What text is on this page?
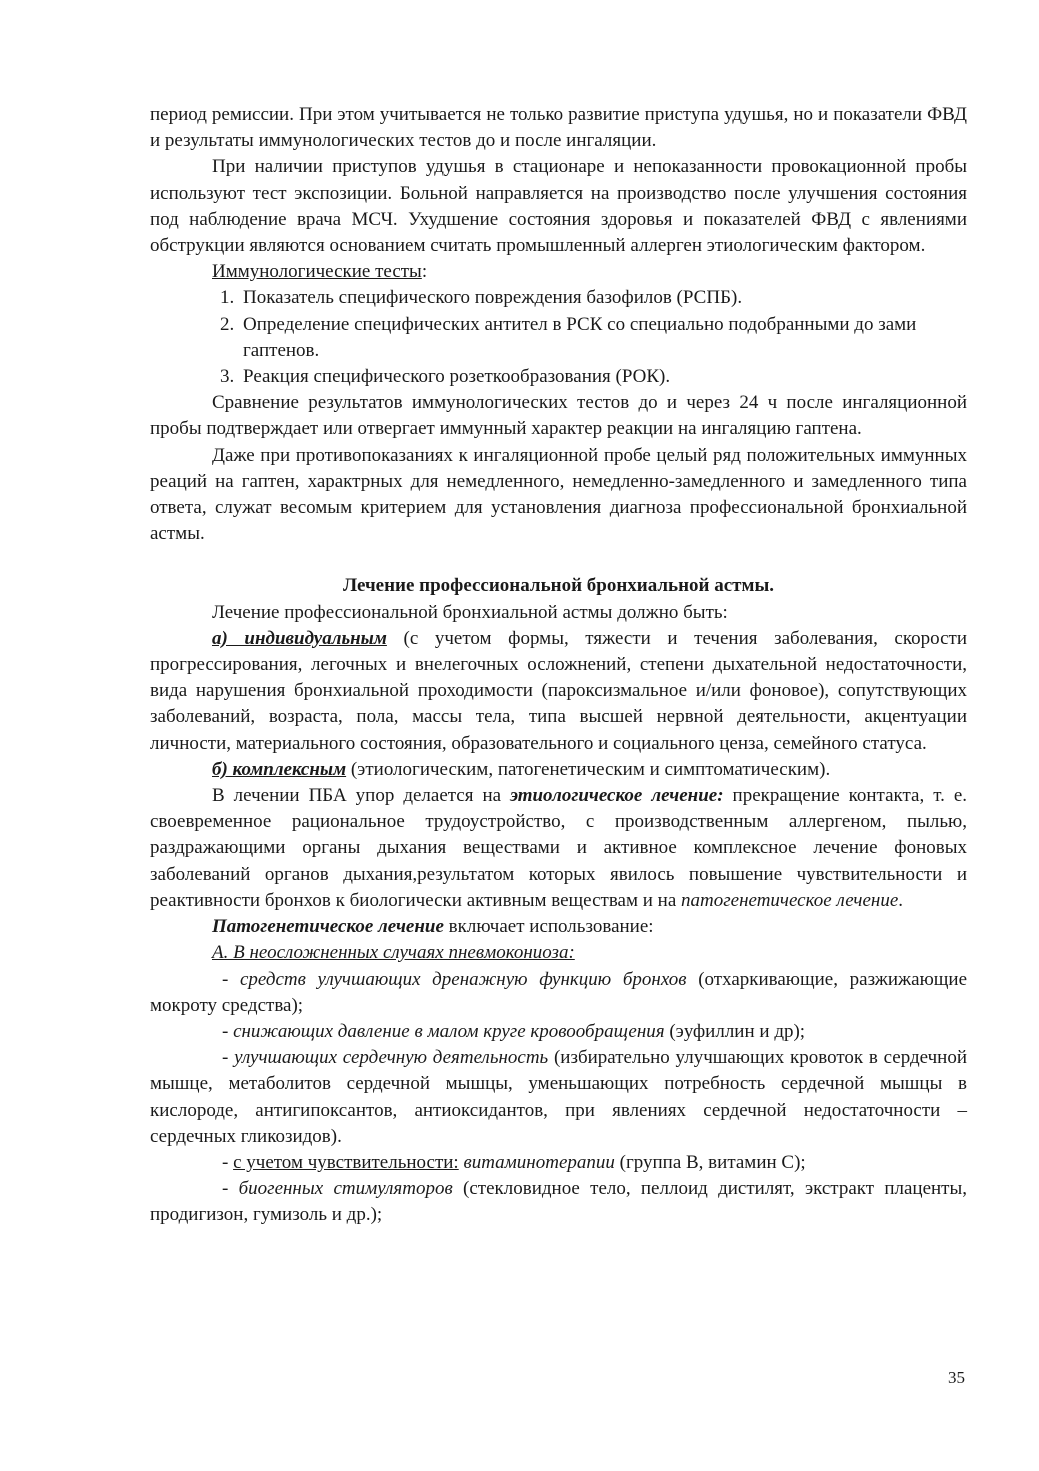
период ремиссии. При этом учитывается не только развитие приступа удушья, но и показатели ФВД и результаты иммунологических тестов до и после ингаляции.

При наличии приступов удушья в стационаре и непоказанности провокационной пробы используют тест экспозиции. Больной направляется на производство после улучшения состояния под наблюдение врача МСЧ. Ухудшение состояния здоровья и показателей ФВД с явлениями обструкции являются основанием считать промышленный аллерген этиологическим фактором.

Иммунологические тесты:

1. Показатель специфического повреждения базофилов (РСПБ).
2. Определение специфических антител в РСК со специально подобранными до зами гаптенов.
3. Реакция специфического розеткообразования (РОК).

Сравнение результатов иммунологических тестов до и через 24 ч после ингаляционной пробы подтверждает или отвергает иммунный характер реакции на ингаляцию гаптена.

Даже при противопоказаниях к ингаляционной пробе целый ряд положительных иммунных реаций на гаптен, характрных для немедленного, немедленно-замедленного и замедленного типа ответа, служат весомым критерием для установления диагноза профессиональной бронхиальной астмы.

Лечение профессиональной бронхиальной астмы.

Лечение профессиональной бронхиальной астмы должно быть:

а) индивидуальным (с учетом формы, тяжести и течения заболевания, скорости прогрессирования, легочных и внелегочных осложнений, степени дыхательной недостаточности, вида нарушения бронхиальной проходимости (пароксизмальное и/или фоновое), сопутствующих заболеваний, возраста, пола, массы тела, типа высшей нервной деятельности, акцентуации личности, материального состояния, образовательного и социального ценза, семейного статуса.

б) комплексным (этиологическим, патогенетическим и симптоматическим).

В лечении ПБА упор делается на этиологическое лечение: прекращение контакта, т. е. своевременное рациональное трудоустройство, с производственным аллергеном, пылью, раздражающими органы дыхания веществами и активное комплексное лечение фоновых заболеваний органов дыхания,результатом которых явилось повышение чувствительности и реактивности бронхов к биологически активным веществам и на патогенетическое лечение.

Патогенетическое лечение включает использование:

А. В неосложненных случаях пневмокониоза:

- средств улучшающих дренажную функцию бронхов (отхаркивающие, разжижающие мокроту средства);

- снижающих давление в малом круге кровообращения (эуфиллин и др);

- улучшающих сердечную деятельность (избирательно улучшающих кровоток в сердечной мышце, метаболитов сердечной мышцы, уменьшающих потребность сердечной мышцы в кислороде, антигипоксантов, антиоксидантов, при явлениях сердечной недостаточности – сердечных гликозидов).

- с учетом чувствительности: витаминотерапии (группа В, витамин С);

- биогенных стимуляторов (стекловидное тело, пеллоид дистилят, экстракт плаценты, продигизон, гумизоль и др.);

35
